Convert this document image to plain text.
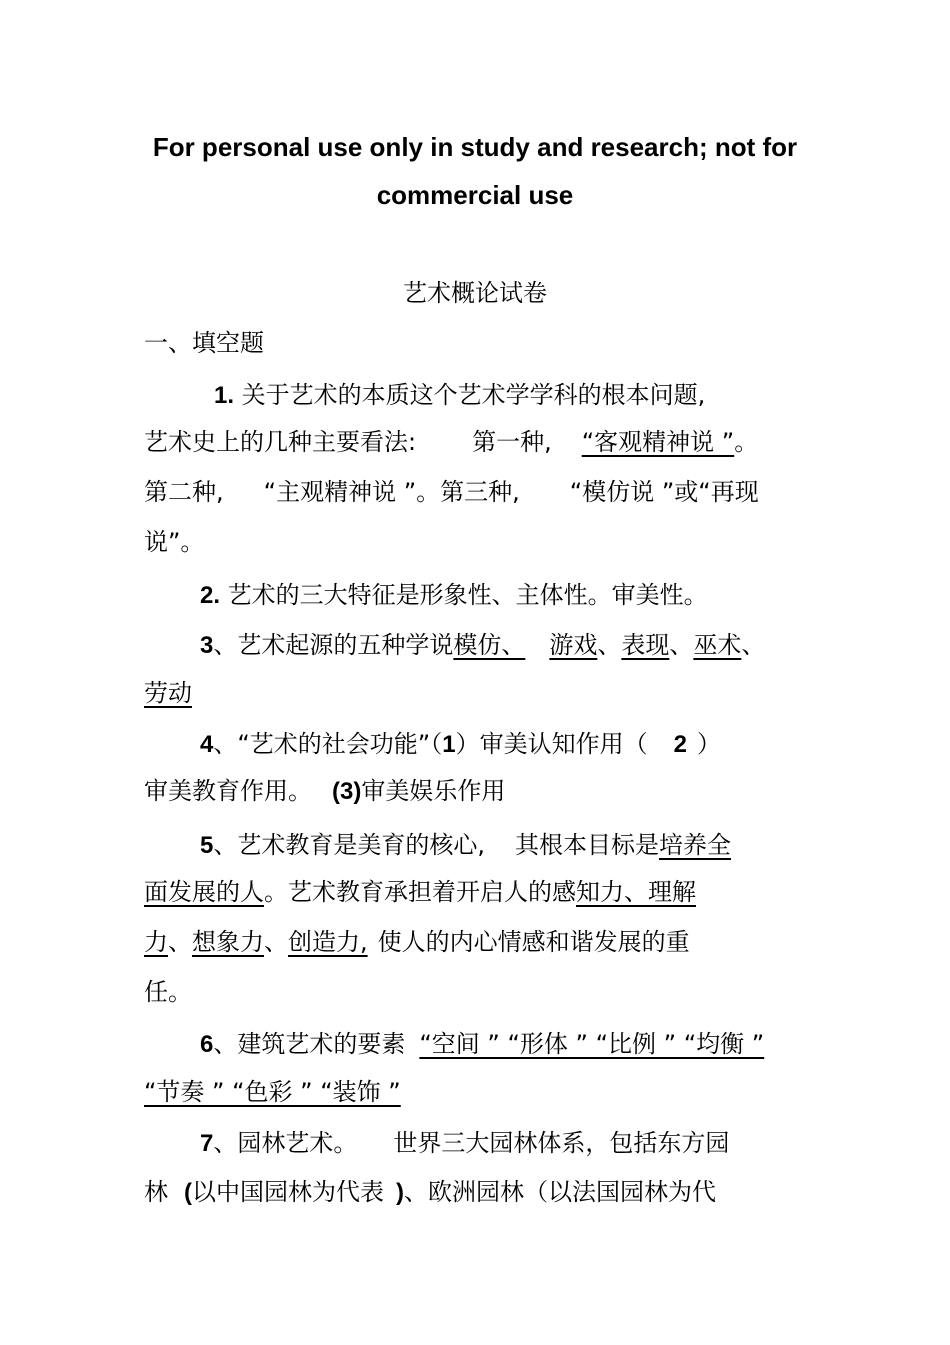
For personal use only in study and research; not for
commercial use
艺术概论试卷
一、填空题
1. 关于艺术的本质这个艺术学学科的根本问题,
艺术史上的几种主要看法: 第一种, “客观精神说 ”。
第二种, “主观精神说 ”。第三种, “模仿说 ”或“再现
说”。
2. 艺术的三大特征是形象性、主体性。审美性。
3、艺术起源的五种学说模仿、 游戏、表现、巫术、
劳动
4、“艺术的社会功能”（1）审美认知作用（ 2 ）
审美教育作用。 (3)审美娱乐作用
5、艺术教育是美育的核心, 其根本目标是培养全
面发展的人。艺术教育承担着开启人的感知力、理解
力、想象力、创造力, 使人的内心情感和谐发展的重
任。
6、建筑艺术的要素 “空间 ” “形体 ” “比例 ” “均衡 ”
“节奏 ” “色彩 ” “装饰 ”
7、园林艺术。 世界三大园林体系，包括东方园
林 (以中国园林为代表 )、欧洲园林（以法国园林为代
